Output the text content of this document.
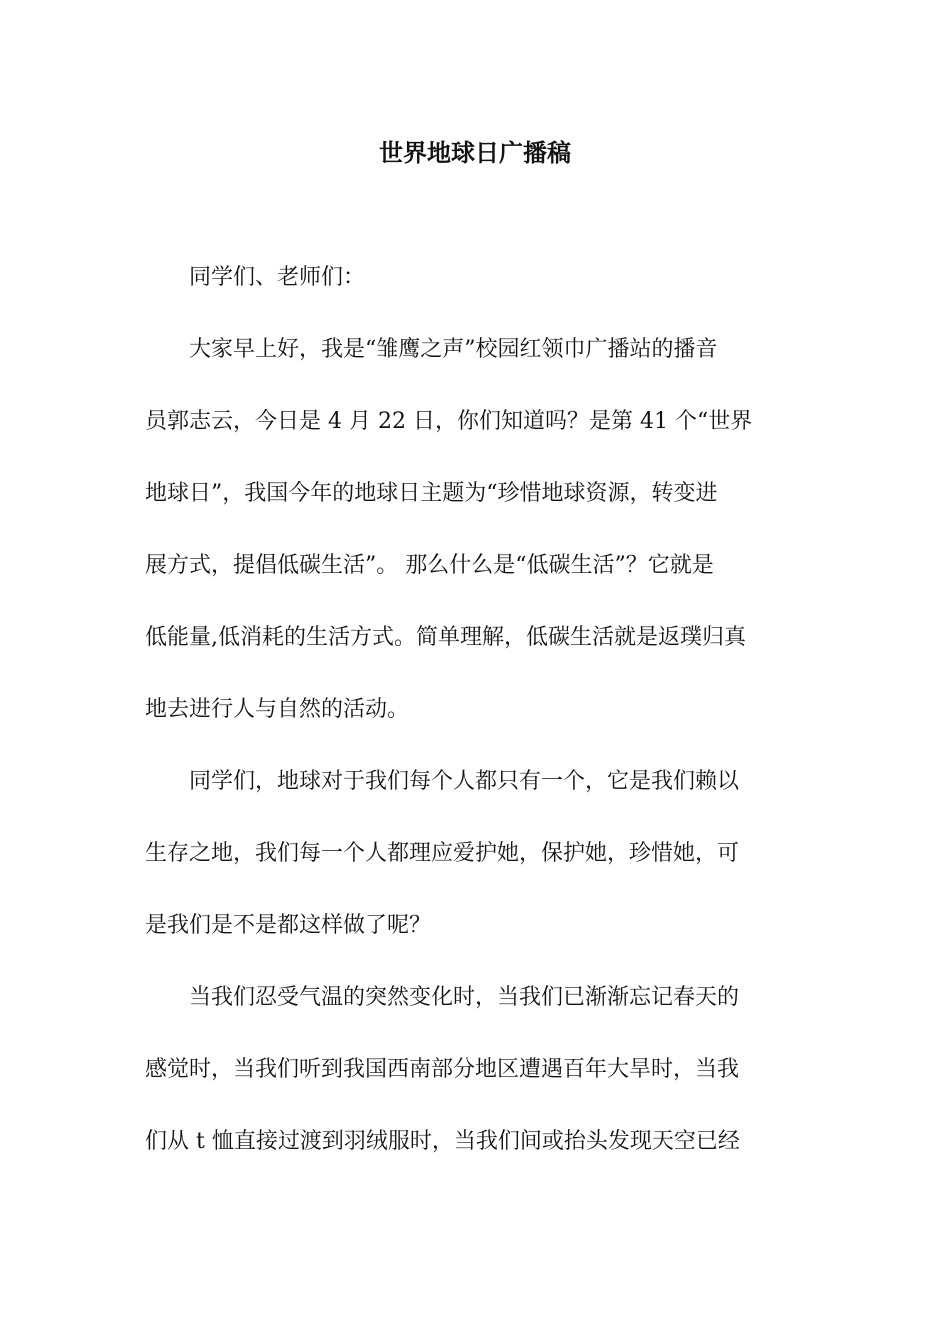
世界地球日广播稿
同学们、老师们：
大家早上好，我是“雏鹰之声”校园红领巾广播站的播音
员郭志云，今日是 4 月 22 日，你们知道吗？是第 41 个“世界
地球日”，我国今年的地球日主题为“珍惜地球资源，转变进
展方式，提倡低碳生活”。 那么什么是“低碳生活”？它就是
低能量,低消耗的生活方式。简单理解，低碳生活就是返璞归真
地去进行人与自然的活动。
同学们，地球对于我们每个人都只有一个，它是我们赖以
生存之地，我们每一个人都理应爱护她，保护她，珍惜她，可
是我们是不是都这样做了呢？
当我们忍受气温的突然变化时，当我们已渐渐忘记春天的
感觉时，当我们听到我国西南部分地区遭遇百年大旱时，当我
们从 t 恤直接过渡到羽绒服时，当我们间或抬头发现天空已经
